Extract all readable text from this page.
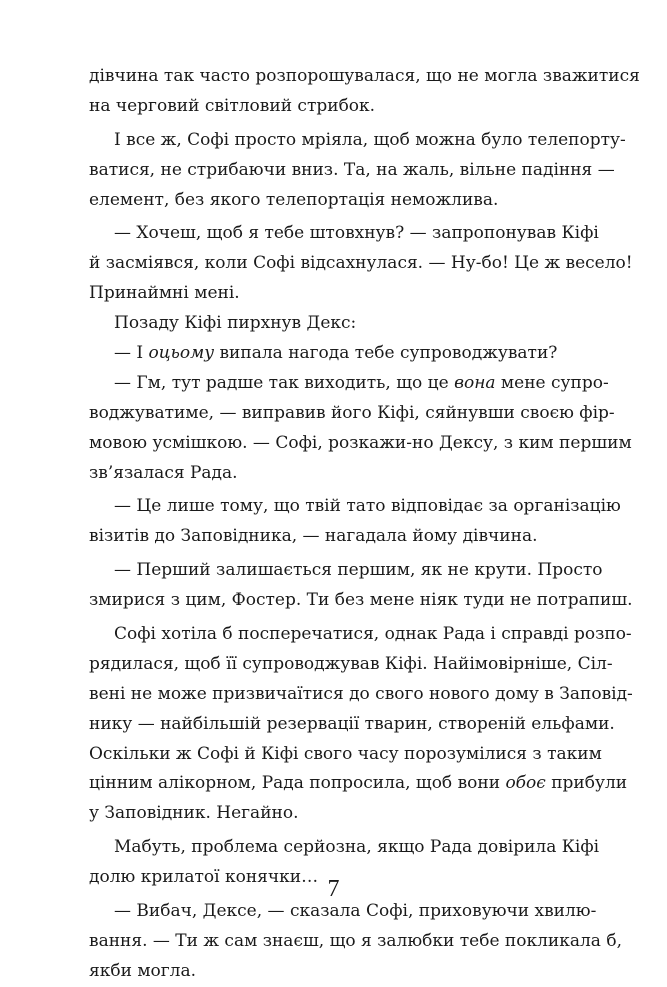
дівчина так часто розпорошувалася, що не могла зважитися
на черговий світловий стрибок.
І все ж, Софі просто мріяла, щоб можна було телепорту-
ватися, не стрибаючи вниз. Та, на жаль, вільне падіння —
елемент, без якого телепортація неможлива.
— Хочеш, щоб я тебе штовхнув? — запропонував Кіфі
й засміявся, коли Софі відсахнулася. — Ну-бо! Це ж весело!
Принаймні мені.
Позаду Кіфі пирхнув Декс:
— І оцьому випала нагода тебе супроводжувати?
— Гм, тут радше так виходить, що це вона мене супро-
воджуватиме, — виправив його Кіфі, сяйнувши своєю фір-
мовою усмішкою. — Софі, розкажи-но Дексу, з ким першим
зв’язалася Рада.
— Це лише тому, що твій тато відповідає за організацію
візитів до Заповідника, — нагадала йому дівчина.
— Перший залишається першим, як не крути. Просто
змирися з цим, Фостер. Ти без мене ніяк туди не потрапиш.
Софі хотіла б посперечатися, однак Рада і справді розпо-
рядилася, щоб її супроводжував Кіфі. Найімовірніше, Сіл-
вені не може призвичаїтися до свого нового дому в Заповід-
нику — найбільшій резервації тварин, створеній ельфами.
Оскільки ж Софі й Кіфі свого часу порозумілися з таким
цінним алікорном, Рада попросила, щоб вони обоє прибули
у Заповідник. Негайно.
Мабуть, проблема серйозна, якщо Рада довірила Кіфі
долю крилатої конячки…
— Вибач, Дексе, — сказала Софі, приховуючи хвилю-
вання. — Ти ж сам знаєш, що я залюбки тебе покликала б,
якби могла.
7
